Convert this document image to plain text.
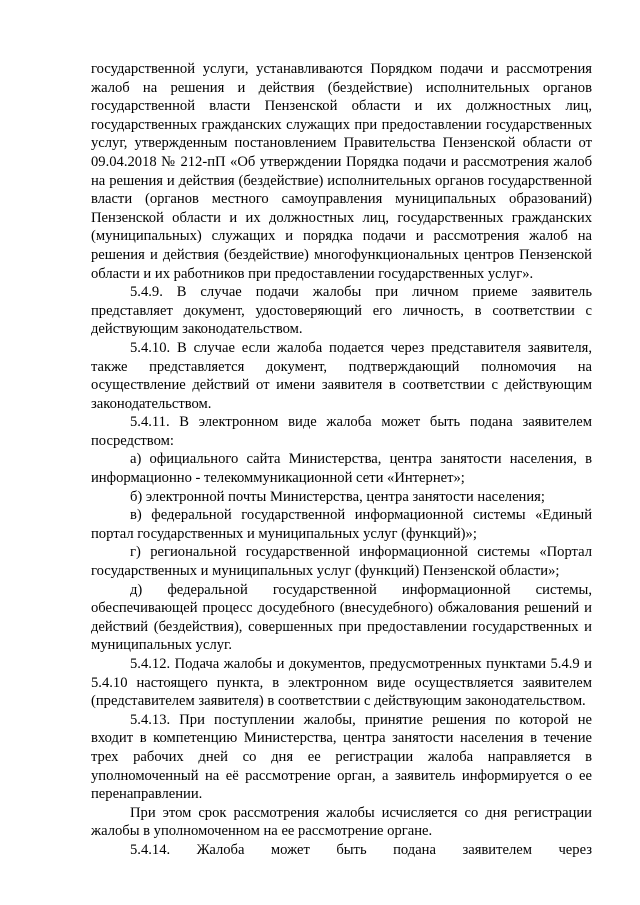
государственной услуги, устанавливаются Порядком подачи и рассмотрения жалоб на решения и действия (бездействие) исполнительных органов государственной власти Пензенской области и их должностных лиц, государственных гражданских служащих при предоставлении государственных услуг, утвержденным постановлением Правительства Пензенской области от 09.04.2018 № 212-пП «Об утверждении Порядка подачи и рассмотрения жалоб на решения и действия (бездействие) исполнительных органов государственной власти (органов местного самоуправления муниципальных образований) Пензенской области и их должностных лиц, государственных гражданских (муниципальных) служащих и порядка подачи и рассмотрения жалоб на решения и действия (бездействие) многофункциональных центров Пензенской области и их работников при предоставлении государственных услуг».

5.4.9. В случае подачи жалобы при личном приеме заявитель представляет документ, удостоверяющий его личность, в соответствии с действующим законодательством.

5.4.10. В случае если жалоба подается через представителя заявителя, также представляется документ, подтверждающий полномочия на осуществление действий от имени заявителя в соответствии с действующим законодательством.

5.4.11. В электронном виде жалоба может быть подана заявителем посредством:

а) официального сайта Министерства, центра занятости населения, в информационно - телекоммуникационной сети «Интернет»;

б) электронной почты Министерства, центра занятости населения;

в) федеральной государственной информационной системы «Единый портал государственных и муниципальных услуг (функций)»;

г) региональной государственной информационной системы «Портал государственных и муниципальных услуг (функций) Пензенской области»;

д) федеральной государственной информационной системы, обеспечивающей процесс досудебного (внесудебного) обжалования решений и действий (бездействия), совершенных при предоставлении государственных и муниципальных услуг.

5.4.12. Подача жалобы и документов, предусмотренных пунктами 5.4.9 и 5.4.10 настоящего пункта, в электронном виде осуществляется заявителем (представителем заявителя) в соответствии с действующим законодательством.

5.4.13. При поступлении жалобы, принятие решения по которой не входит в компетенцию Министерства, центра занятости населения в течение трех рабочих дней со дня ее регистрации жалоба направляется в уполномоченный на её рассмотрение орган, а заявитель информируется о ее перенаправлении.

При этом срок рассмотрения жалобы исчисляется со дня регистрации жалобы в уполномоченном на ее рассмотрение органе.

5.4.14. Жалоба может быть подана заявителем через
